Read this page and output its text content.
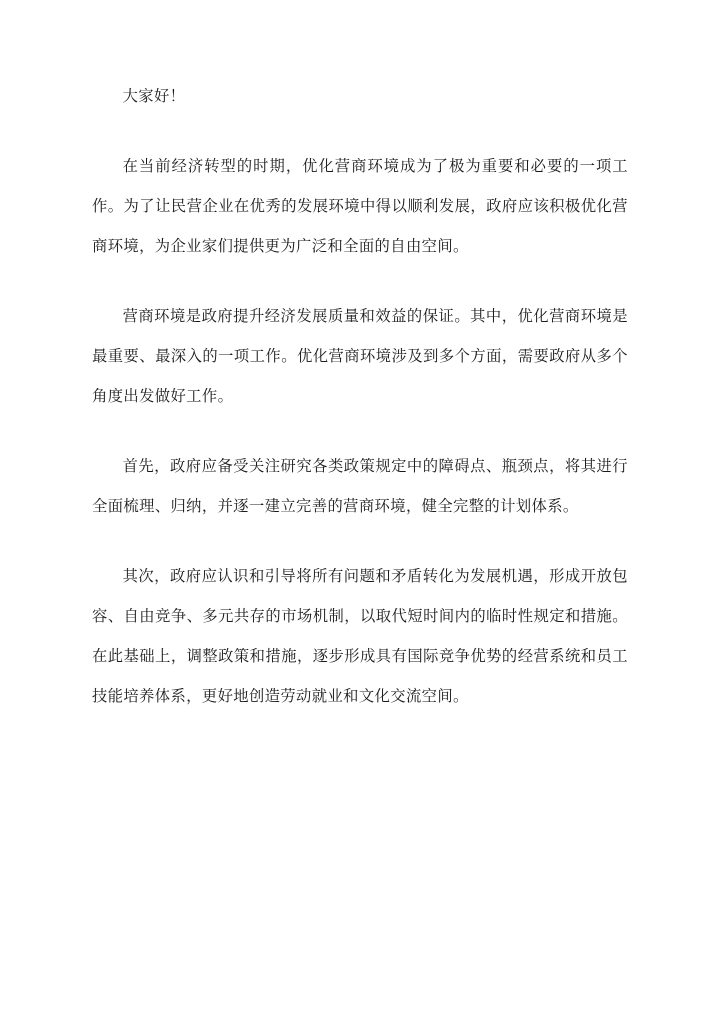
大家好！

在当前经济转型的时期，优化营商环境成为了极为重要和必要的一项工作。为了让民营企业在优秀的发展环境中得以顺利发展，政府应该积极优化营商环境，为企业家们提供更为广泛和全面的自由空间。

营商环境是政府提升经济发展质量和效益的保证。其中，优化营商环境是最重要、最深入的一项工作。优化营商环境涉及到多个方面，需要政府从多个角度出发做好工作。

首先，政府应备受关注研究各类政策规定中的障碍点、瓶颈点，将其进行全面梳理、归纳，并逐一建立完善的营商环境，健全完整的计划体系。

其次，政府应认识和引导将所有问题和矛盾转化为发展机遇，形成开放包容、自由竞争、多元共存的市场机制，以取代短时间内的临时性规定和措施。在此基础上，调整政策和措施，逐步形成具有国际竞争优势的经营系统和员工技能培养体系，更好地创造劳动就业和文化交流空间。
